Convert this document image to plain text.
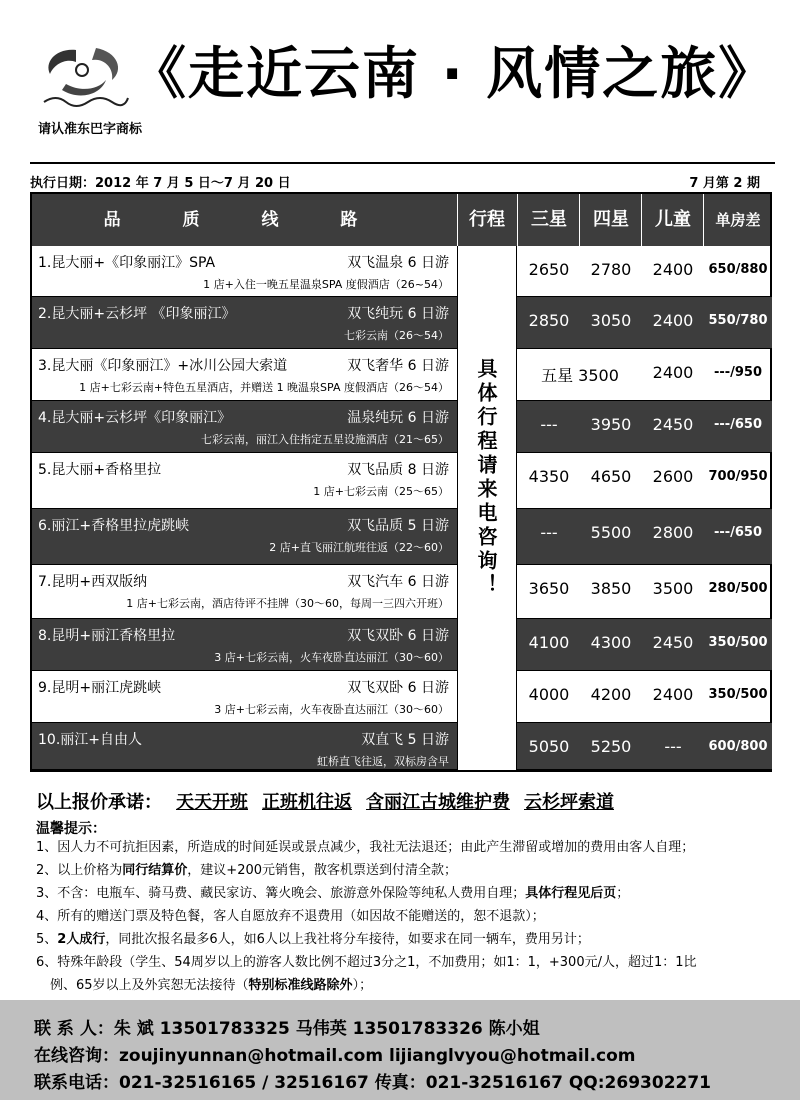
《走近云南 · 风情之旅》
请认准东巴字商标
执行日期：2012 年 7 月 5 日～7 月 20 日	7 月第 2 期
品 质 线 路	行程	三星	四星	儿童	单房差
具体行程请来电咨询！
1.昆大丽+《印象丽江》SPA	双飞温泉 6 日游
1 店+入住一晚五星温泉SPA 度假酒店（26~54）
2650	2780	2400	650/880
2.昆大丽+云杉坪 《印象丽江》	双飞纯玩 6 日游
七彩云南（26～54）
2850	3050	2400	550/780
3.昆大丽《印象丽江》+冰川公园大索道	双飞奢华 6 日游
1 店+七彩云南+特色五星酒店，并赠送 1 晚温泉SPA 度假酒店（26～54）
五星 3500	2400	---/950
4.昆大丽+云杉坪《印象丽江》	温泉纯玩 6 日游
七彩云南，丽江入住指定五星设施酒店（21～65）
---	3950	2450	---/650
5.昆大丽+香格里拉	双飞品质 8 日游
1 店+七彩云南（25～65）
4350	4650	2600	700/950
6.丽江+香格里拉虎跳峡	双飞品质 5 日游
2 店+直飞丽江航班往返（22～60）
---	5500	2800	---/650
7.昆明+西双版纳	双飞汽车 6 日游
1 店+七彩云南，酒店待评不挂牌（30～60，每周一三四六开班）
3650	3850	3500	280/500
8.昆明+丽江香格里拉	双飞双卧 6 日游
3 店+七彩云南，火车夜卧直达丽江（30～60）
4100	4300	2450	350/500
9.昆明+丽江虎跳峡	双飞双卧 6 日游
3 店+七彩云南，火车夜卧直达丽江（30～60）
4000	4200	2400	350/500
10.丽江+自由人	双直飞 5 日游
虹桥直飞往返，双标房含早
5050	5250	---	600/800
以上报价承诺： 天天开班 正班机往返 含丽江古城维护费 云杉坪索道
温馨提示：
1、因人力不可抗拒因素，所造成的时间延误或景点减少，我社无法退还；由此产生滞留或增加的费用由客人自理；
2、以上价格为同行结算价，建议+200元销售，散客机票送到付清全款；
3、不含：电瓶车、骑马费、藏民家访、篝火晚会、旅游意外保险等纯私人费用自理；具体行程见后页；
4、所有的赠送门票及特色餐，客人自愿放弃不退费用（如因故不能赠送的，恕不退款）；
5、2人成行，同批次报名最多6人，如6人以上我社将分车接待，如要求在同一辆车，费用另计；
6、特殊年龄段（学生、54周岁以上的游客人数比例不超过3分之1，不加费用；如1：1，+300元/人，超过1：1比
例、65岁以上及外宾恕无法接待（特别标准线路除外）；
联 系 人：朱 斌 13501783325 马伟英 13501783326 陈小姐
在线咨询：zoujinyunnan@hotmail.com lijianglvyou@hotmail.com
联系电话：021-32516165 / 32516167 传真：021-32516167 QQ:269302271
